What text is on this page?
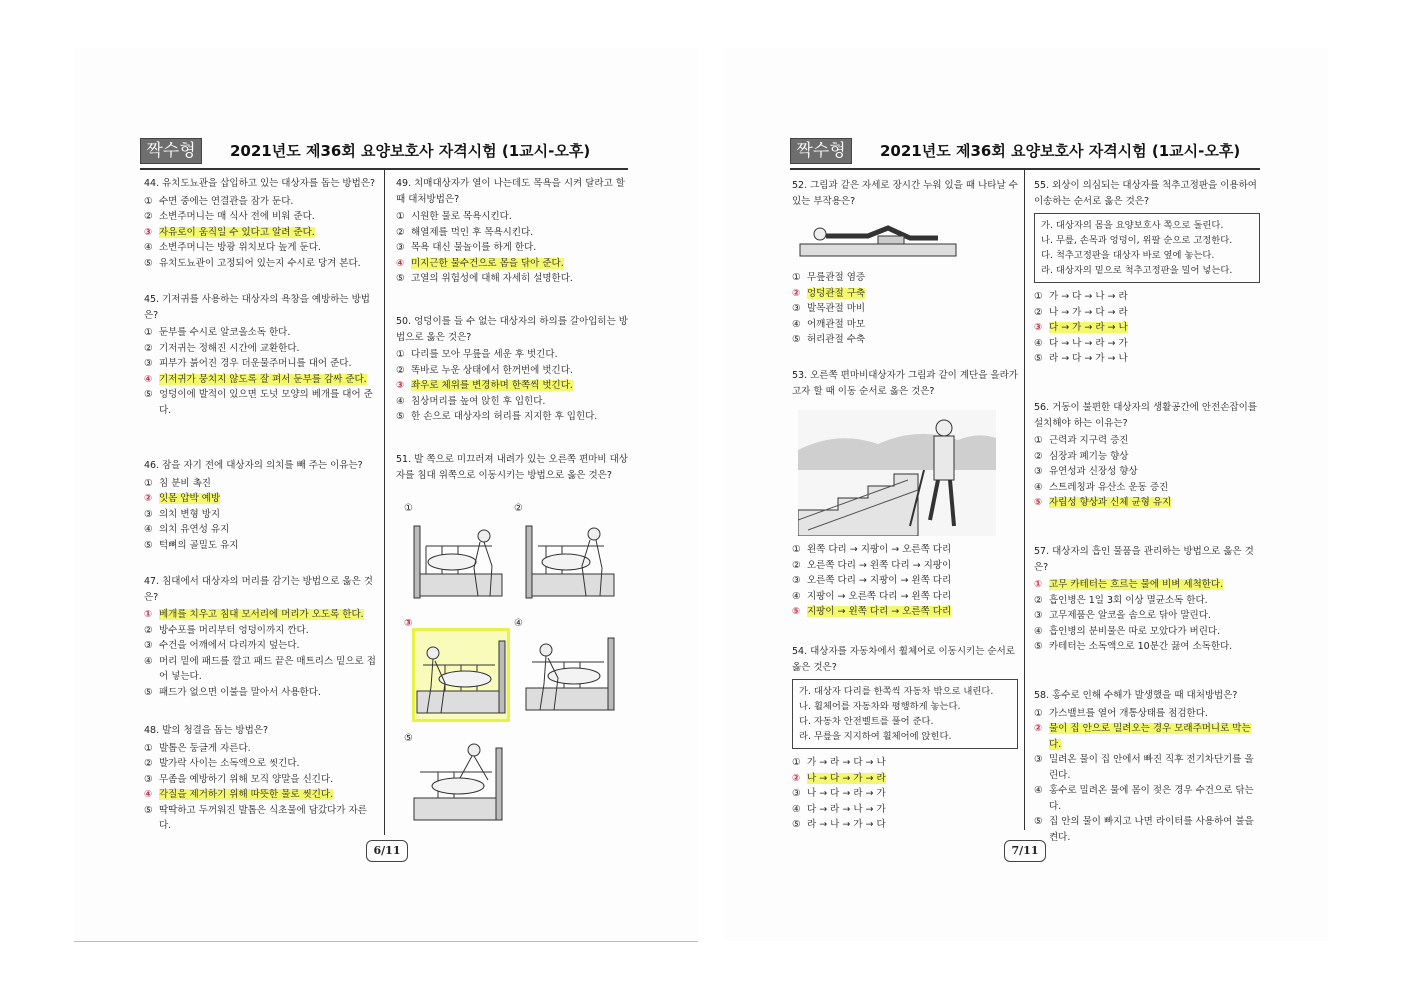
짝수형	2021년도 제36회 요양보호사 자격시험 (1교시-오후)
44. 유치도뇨관을 삽입하고 있는 대상자를 돕는 방법은?
① 수면 중에는 연결관을 잠가 둔다.
② 소변주머니는 매 식사 전에 비워 준다.
③ 자유로이 움직일 수 있다고 알려 준다.
④ 소변주머니는 방광 위치보다 높게 둔다.
⑤ 유치도뇨관이 고정되어 있는지 수시로 당겨 본다.
45. 기저귀를 사용하는 대상자의 욕창을 예방하는 방법은?
① 둔부를 수시로 알코올소독 한다.
② 기저귀는 정해진 시간에 교환한다.
③ 피부가 붉어진 경우 더운물주머니를 대어 준다.
④ 기저귀가 뭉치지 않도록 잘 펴서 둔부를 감싸 준다.
⑤ 엉덩이에 발적이 있으면 도넛 모양의 베개를 대어 준다.
46. 잠을 자기 전에 대상자의 의치를 빼 주는 이유는?
① 침 분비 촉진
② 잇몸 압박 예방
③ 의치 변형 방지
④ 의치 유연성 유지
⑤ 턱뼈의 골밀도 유지
47. 침대에서 대상자의 머리를 감기는 방법으로 옳은 것은?
① 베개를 치우고 침대 모서리에 머리가 오도록 한다.
② 방수포를 머리부터 엉덩이까지 깐다.
③ 수건을 어깨에서 다리까지 덮는다.
④ 머리 밑에 패드를 깔고 패드 끝은 매트리스 밑으로 접어 넣는다.
⑤ 패드가 없으면 이불을 말아서 사용한다.
48. 발의 청결을 돕는 방법은?
① 발톱은 둥글게 자른다.
② 발가락 사이는 소독액으로 씻긴다.
③ 무좀을 예방하기 위해 모직 양말을 신긴다.
④ 각질을 제거하기 위해 따뜻한 물로 씻긴다.
⑤ 딱딱하고 두꺼워진 발톱은 식초물에 담갔다가 자른다.
49. 치매대상자가 열이 나는데도 목욕을 시켜 달라고 할 때 대처방법은?
① 시원한 물로 목욕시킨다.
② 해열제를 먹인 후 목욕시킨다.
③ 목욕 대신 물놀이를 하게 한다.
④ 미지근한 물수건으로 몸을 닦아 준다.
⑤ 고열의 위험성에 대해 자세히 설명한다.
50. 엉덩이를 들 수 없는 대상자의 하의를 갈아입히는 방법으로 옳은 것은?
① 다리를 모아 무릎을 세운 후 벗긴다.
② 똑바로 누운 상태에서 한꺼번에 벗긴다.
③ 좌우로 체위를 변경하며 한쪽씩 벗긴다.
④ 침상머리를 높여 앉힌 후 입힌다.
⑤ 한 손으로 대상자의 허리를 지지한 후 입힌다.
51. 발 쪽으로 미끄러져 내려가 있는 오른쪽 편마비 대상자를 침대 위쪽으로 이동시키는 방법으로 옳은 것은?
①	②
③	④
⑤
6/11
짝수형	2021년도 제36회 요양보호사 자격시험 (1교시-오후)
52. 그림과 같은 자세로 장시간 누워 있을 때 나타날 수 있는 부작용은?
① 무릎관절 염증
② 엉덩관절 구축
③ 발목관절 마비
④ 어깨관절 마모
⑤ 허리관절 수축
53. 오른쪽 편마비대상자가 그림과 같이 계단을 올라가고자 할 때 이동 순서로 옳은 것은?
① 왼쪽 다리 → 지팡이 → 오른쪽 다리
② 오른쪽 다리 → 왼쪽 다리 → 지팡이
③ 오른쪽 다리 → 지팡이 → 왼쪽 다리
④ 지팡이 → 오른쪽 다리 → 왼쪽 다리
⑤ 지팡이 → 왼쪽 다리 → 오른쪽 다리
54. 대상자를 자동차에서 휠체어로 이동시키는 순서로 옳은 것은?
가. 대상자 다리를 한쪽씩 자동차 밖으로 내린다.
나. 휠체어를 자동차와 평행하게 놓는다.
다. 자동차 안전벨트를 풀어 준다.
라. 무릎을 지지하여 휠체어에 앉힌다.
① 가 → 라 → 다 → 나
② 나 → 다 → 가 → 라
③ 나 → 다 → 라 → 가
④ 다 → 라 → 나 → 가
⑤ 라 → 나 → 가 → 다
55. 외상이 의심되는 대상자를 척추고정판을 이용하여 이송하는 순서로 옳은 것은?
가. 대상자의 몸을 요양보호사 쪽으로 돌린다.
나. 무릎, 손목과 엉덩이, 위팔 순으로 고정한다.
다. 척추고정판을 대상자 바로 옆에 놓는다.
라. 대상자의 밑으로 척추고정판을 밀어 넣는다.
① 가 → 다 → 나 → 라
② 나 → 가 → 다 → 라
③ 다 → 가 → 라 → 나
④ 다 → 나 → 라 → 가
⑤ 라 → 다 → 가 → 나
56. 거동이 불편한 대상자의 생활공간에 안전손잡이를 설치해야 하는 이유는?
① 근력과 지구력 증진
② 심장과 폐기능 향상
③ 유연성과 신장성 향상
④ 스트레칭과 유산소 운동 증진
⑤ 자립성 향상과 신체 균형 유지
57. 대상자의 흡인 물품을 관리하는 방법으로 옳은 것은?
① 고무 카테터는 흐르는 물에 비벼 세척한다.
② 흡인병은 1일 3회 이상 멸균소독 한다.
③ 고무제품은 알코올 솜으로 닦아 말린다.
④ 흡인병의 분비물은 따로 모았다가 버린다.
⑤ 카테터는 소독액으로 10분간 끓여 소독한다.
58. 홍수로 인해 수해가 발생했을 때 대처방법은?
① 가스밸브를 열어 개통상태를 점검한다.
② 물이 집 안으로 밀려오는 경우 모래주머니로 막는다.
③ 밀려온 물이 집 안에서 빠진 직후 전기차단기를 올린다.
④ 홍수로 밀려온 물에 몸이 젖은 경우 수건으로 닦는다.
⑤ 집 안의 물이 빠지고 나면 라이터를 사용하여 불을 켠다.
7/11
